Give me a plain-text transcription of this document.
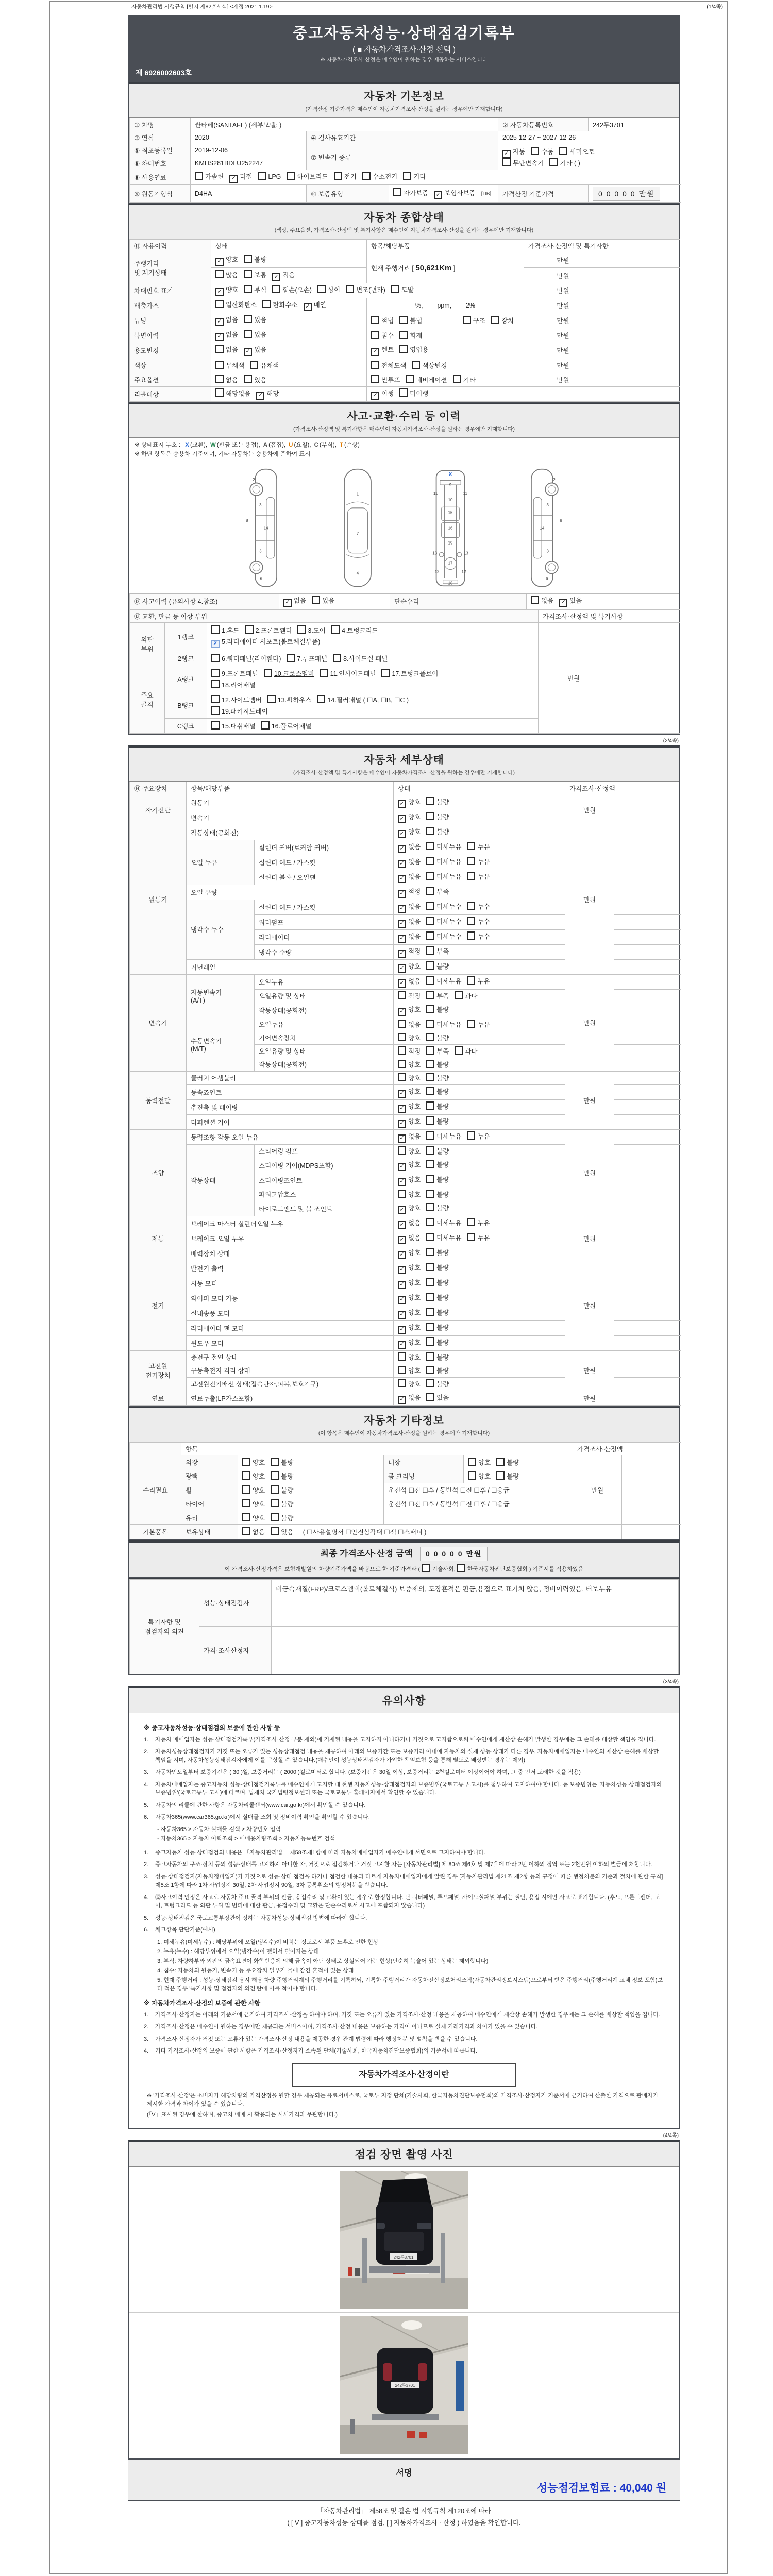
자동차관리법 시행규칙 [별지 제82호서식] <개정 2021.1.19>	(1/4쪽)
중고자동차성능·상태점검기록부
( ■ 자동차가격조사·산정 선택 )
※ 자동차가격조사·산정은 매수인이 원하는 경우 제공하는 서비스입니다
제 6926002603호
자동차 기본정보
(가격산정 기준가격은 매수인이 자동차가격조사·산정을 원하는 경우에만 기재합니다)
① 차명	싼타페(SANTAFE) (세부모델: )			② 자동차등록번호	242두3701
③ 연식	2020	④ 검사유효기간		2025-12-27 ~ 2027-12-26	
⑤ 최초등록일	2019-12-06	⑦ 변속기 종류		✓ 자동 수동 세미오토
무단변속기 기타 ( )	

⑥ 차대번호	KMHS281BDLU252247				
⑧ 사용연료	가솔린 ✓ 디젤 LPG 하이브리드 전기 수소전기 기타				
⑨ 원동기형식	D4HA	⑩ 보증유형	자가보증 ✓ 보험사보증 [DB]	가격산정 기준가격	0 0 0 0 0 만원
자동차 종합상태
(색상, 주요옵션, 가격조사·산정액 및 특기사항은 매수인이 자동차가격조사·산정을 원하는 경우에만 기재합니다)
⑪ 사용이력	상태	항목/해당부품	가격조사·산정액 및 특기사항	
주행거리
및 계기상태	✓ 양호 불량	현재 주행거리 [ 50,621Km ]	만원	
	많음 보통 ✓ 적음		만원	
차대번호 표기	✓ 양호 부식 훼손(오손) 상이 변조(변타) 도말		만원	
배출가스	일산화탄소 탄화수소 ✓ 매연	%,        ppm,        2%	만원	
튜닝	✓ 없음 있음	적법 불법 구조 장치	만원	
특별이력	✓ 없음 있음	침수 화재	만원	
용도변경	없음 ✓ 있음	✓ 렌트 영업용	만원	
색상	무채색 유채색	전체도색 색상변경	만원	
주요옵션	없음 있음	썬루프 네비게이션 기타	만원	
리콜대상	해당없음 ✓ 해당	✓ 이행 미이행		
사고·교환·수리 등 이력
(가격조사·산정액 및 특기사항은 매수인이 자동차가격조사·산정을 원하는 경우에만 기재합니다)
※ 상태표시 부호 : X (교환), W (판금 또는 용접), A (흠집), U (요철), C (부식), T (손상)
※ 하단 항목은 승용차 기준이며, 기타 자동차는 승용차에 준하여 표시
2
8
3
14
3
6
1
7
4
9
11	11
10
15
16
19
13	13
17
12	12
18
X
2
8
3
14
3
6
⑫ 사고이력 (유의사항 4.참조)	✓ 없음 있음	단순수리	없음 ✓ 있음
⑬ 교환, 판금 등 이상 부위			가격조사·산정액 및 특기사항	
외판
부위	1랭크	
1.후드 2.프론트휀더 3.도어 4.트렁크리드
✗ 5.라디에이터 서포트(볼트체결부품)
	만원	
	2랭크	6.쿼터패널(리어휀다) 7.루프패널 8.사이드실 패널		

주요
골격	A랭크	
9.프론트패널 10.크로스멤버 11.인사이드패널 17.트렁크플로어
18.리어패널

	B랭크	12.사이드멤버 13.휠하우스 14.필러패널 ( ☐A, ☐B, ☐C )
19.패키지트레이		

	C랭크	15.대쉬패널 16.플로어패널		
(2/4쪽)
자동차 세부상태
(가격조사·산정액 및 특기사항은 매수인이 자동차가격조사·산정을 원하는 경우에만 기재합니다)
⑭ 주요장치	항목/해당부품		상태	가격조사·산정액	
자기진단	원동기		✓ 양호 불량	만원	
	변속기		✓ 양호 불량		
원동기	작동상태(공회전)		✓ 양호 불량	만원	
	오일 누유	실린더 커버(로커암 커버)	✓ 없음 미세누유 누유		
		실린더 헤드 / 가스킷	✓ 없음 미세누유 누유		
		실린더 블록 / 오일팬	✓ 없음 미세누유 누유		
	오일 유량		✓ 적정 부족		
	냉각수 누수	실린더 헤드 / 가스킷	✓ 없음 미세누수 누수		
		워터펌프	✓ 없음 미세누수 누수		
		라디에이터	✓ 없음 미세누수 누수		
		냉각수 수량	✓ 적정 부족		
	커먼레일		✓ 양호 불량		
변속기	자동변속기
(A/T)	오일누유	✓ 없음 미세누유 누유	만원	
		오일유량 및 상태	적정 부족 과다		
		작동상태(공회전)	✓ 양호 불량		
	수동변속기
(M/T)	오일누유	없음 미세누유 누유		
		기어변속장치	양호 불량		
		오일유량 및 상태	적정 부족 과다		
		작동상태(공회전)	양호 불량		
동력전달	클러치 어셈블리		양호 불량	만원	
	등속죠인트		✓ 양호 불량		
	추진축 및 베어링		✓ 양호 불량		
	디퍼렌셜 기어		✓ 양호 불량		
조향	동력조향 작동 오일 누유		✓ 없음 미세누유 누유	만원	
	작동상태	스티어링 펌프	양호 불량		
		스티어링 기어(MDPS포함)	✓ 양호 불량		
		스티어링조인트	✓ 양호 불량		
		파워고압호스	양호 불량		
		타이로드엔드 및 볼 조인트	✓ 양호 불량		
제동	브레이크 마스터 실린더오일 누유		✓ 없음 미세누유 누유	만원	
	브레이크 오일 누유		✓ 없음 미세누유 누유		
	배력장치 상태		✓ 양호 불량		
전기	발전기 출력		✓ 양호 불량	만원	
	시동 모터		✓ 양호 불량		
	와이퍼 모터 기능		✓ 양호 불량		
	실내송풍 모터		✓ 양호 불량		
	라디에이터 팬 모터		✓ 양호 불량		
	윈도우 모터		✓ 양호 불량		
고전원
전기장치	충전구 절연 상태		양호 불량	만원	
	구동축전지 격리 상태		양호 불량		
	고전원전기배선 상태(접속단자,피복,보호기구)		양호 불량		
연료	연료누출(LP가스포함)		✓ 없음 있음	만원	
자동차 기타정보
(이 항목은 매수인이 자동차가격조사·산정을 원하는 경우에만 기재합니다)
	항목				가격조사·산정액	
수리필요	외장	양호 불량	내장	양호 불량	만원	
	광택	양호 불량	룸 크리닝	양호 불량		
	휠	양호 불량	운전석 ☐전 ☐후 / 동반석 ☐전 ☐후 / ☐응급			
	타이어	양호 불량	운전석 ☐전 ☐후 / 동반석 ☐전 ☐후 / ☐응급			
	유리	양호 불량				
기본품목	보유상태	없음 있음 ( ☐사용설명서 ☐안전삼각대 ☐잭 ☐스패너 )				
최종 가격조사·산정 금액 0 0 0 0 0 만원
이 가격조사·산정가격은 보험개발원의 차량기준가액을 바탕으로 한 기준가격과 ( 기술사회, 한국자동차진단보증협회 ) 기준서를 적용하였음
특기사항 및
점검자의 의견	성능·상태점검자	비금속재질(FRP)/크로스멤버(볼트체결식) 보증제외, 도장흔적은 판금,용접으로 표기치 않음, 정비이력있음, 터보누유
	가격·조사산정자	
(3/4쪽)
유의사항
※ 중고자동차성능·상태점검의 보증에 관한 사항 등
1.	자동차 매매업자는 성능·상태점검기록부(가격조사·산정 부분 제외)에 기재된 내용을 고지하지 아니하거나 거짓으로 고지함으로써 매수인에게 재산상 손해가 발생한 경우에는 그 손해를 배상할 책임을 집니다.
2.	자동차성능상태점검자가 거짓 또는 오류가 있는 성능상태점검 내용을 제공하여 아래의 보증기간 또는 보증거리 이내에 자동차의 실제 성능·상태가 다른 경우, 자동차매매업자는 매수인의 재산상 손해를 배상할 책임을 지며, 자동차성능상태점검자에게 이를 구상할 수 있습니다.(매수인이 성능상태점검자가 가입한 책임보험 등을 통해 별도로 배상받는 경우는 제외)
3.	자동차인도일부터 보증기간은 ( 30 )일, 보증거리는 ( 2000 )킬로미터로 합니다. (보증기간은 30일 이상, 보증거리는 2천킬로미터 이상이어야 하며, 그 중 먼저 도래한 것을 적용)
4.	자동차매매업자는 중고자동차 성능·상태점검기록부를 매수인에게 고지할 때 현행 자동차성능·상태점검자의 보증범위(국토교통부 고시)를 첨부하여 고지하여야 합니다. 동 보증범위는 '자동차성능·상태점검자의 보증범위'(국토교통부 고시)에 따르며, 법제처 국가법령정보센터 또는 국토교통부 홈페이지에서 확인할 수 있습니다.
5.	자동차의 리콜에 관한 사항은 자동차리콜센터(www.car.go.kr)에서 확인할 수 있습니다.
6.	자동차365(www.car365.go.kr)에서 실매물 조회 및 정비이력 확인을 확인할 수 있습니다.
- 자동차365 > 자동차 실매물 검색 > 차량번호 입력
- 자동차365 > 자동차 이력조회 > 매매용차량조회 > 자동차등록번호 검색
1.	중고자동차 성능·상태점검의 내용은 「자동차관리법」 제58조제1항에 따라 자동차매매업자가 매수인에게 서면으로 고지하여야 합니다.
2.	중고자동차의 구조·장치 등의 성능·상태를 고지하지 아니한 자, 거짓으로 점검하거나 거짓 고지한 자는 [자동차관리법] 제 80조 제6호 및 제7호에 따라 2년 이하의 징역 또는 2천만원 이하의 벌금에 처합니다.
3.	성능·상태점검자(자동차정비업자)가 거짓으로 성능·상태 점검을 하거나 점검한 내용과 다르게 자동차매매업자에게 알린 경우 [자동차관리법 제21조 제2항 등의 규정에 따른 행정처분의 기준과 절차에 관한 규칙] 제5조 1항에 따라 1차 사업정지 30일, 2차 사업정지 90일, 3차 등록취소의 행정처분을 받습니다.
4.	⑫사고이력 인정은 사고로 자동차 주요 골격 부위의 판금, 용접수리 및 교환이 있는 경우로 한정합니다. 단 쿼터패널, 루프패널, 사이드실패널 부위는 절단, 용접 시에만 사고로 표기합니다. (후드, 프론트펜더, 도어, 트렁크리드 등 외판 부위 및 범퍼에 대한 판금, 용접수리 및 교환은 단순수리로서 사고에 포함되지 않습니다)
5.	성능·상태점검은 국토교통부장관이 정하는 자동차성능·상태점검 방법에 따라야 합니다.
6.	체크항목 판단기준(예시)
1. 미세누유(미세누수) : 해당부위에 오일(냉각수)이 비치는 정도로서 부품 노후로 인한 현상
2. 누유(누수) : 해당부위에서 오일(냉각수)이 맺혀서 떨어지는 상태
3. 부식: 차량하부와 외판의 금속표면이 화학반응에 의해 금속이 아닌 상태로 상실되어 가는 현상(단순히 녹슬어 있는 상태는 제외합니다)
4. 침수: 자동차의 원동기, 변속기 등 주요장치 일부가 물에 잠긴 흔적이 있는 상태
5. 현재 주행거리 : 성능·상태점검 당시 해당 차량 주행거리계의 주행거리를 기록하되, 기록한 주행거리가 자동차전산정보처리조직(자동차관리정보시스템)으로부터 받은 주행거리(주행거리계 교체 정보 포함)보다 적은 경우 '특기사항 및 점검자의 의견'란에 이를 적어야 합니다.
※ 자동차가격조사·산정의 보증에 관한 사항
1.	가격조사·산정자는 아래의 기준서에 근거하여 가격조사·산정을 하여야 하며, 거짓 또는 오류가 있는 가격조사·산정 내용을 제공하여 매수인에게 재산상 손해가 발생한 경우에는 그 손해를 배상할 책임을 집니다.
2.	가격조사·산정은 매수인이 원하는 경우에만 제공되는 서비스이며, 가격조사·산정 내용은 보증하는 가격이 아니므로 실제 거래가격과 차이가 있을 수 있습니다.
3.	가격조사·산정자가 거짓 또는 오류가 있는 가격조사·산정 내용을 제공한 경우 관계 법령에 따라 행정처분 및 벌칙을 받을 수 있습니다.
4.	기타 가격조사·산정의 보증에 관한 사항은 가격조사·산정자가 소속된 단체(기술사회, 한국자동차진단보증협회)의 기준서에 따릅니다.
자동차가격조사·산정이란
※ '가격조사·산정'은 소비자가 해당차량의 가격산정을 원할 경우 제공되는 유료서비스로, 국토부 지정 단체(기술사회, 한국자동차진단보증협회)의 가격조사·산정자가 기준서에 근거하여 산출한 가격으로 판매자가 제시한 가격과 차이가 있을 수 있습니다.
(「V」표시된 경우에 한하며, 중고차 매매 시 활용되는 시세가격과 무관합니다.)
(4/4쪽)
점검 장면 촬영 사진
242두3701
242두3701
서명
성능점검보험료 : 40,040 원
「자동차관리법」 제58조 및 같은 법 시행규칙 제120조에 따라
( [ V ] 중고자동차성능·상태를 점검, [ ] 자동차가격조사 · 산정 ) 하였음을 확인합니다.
